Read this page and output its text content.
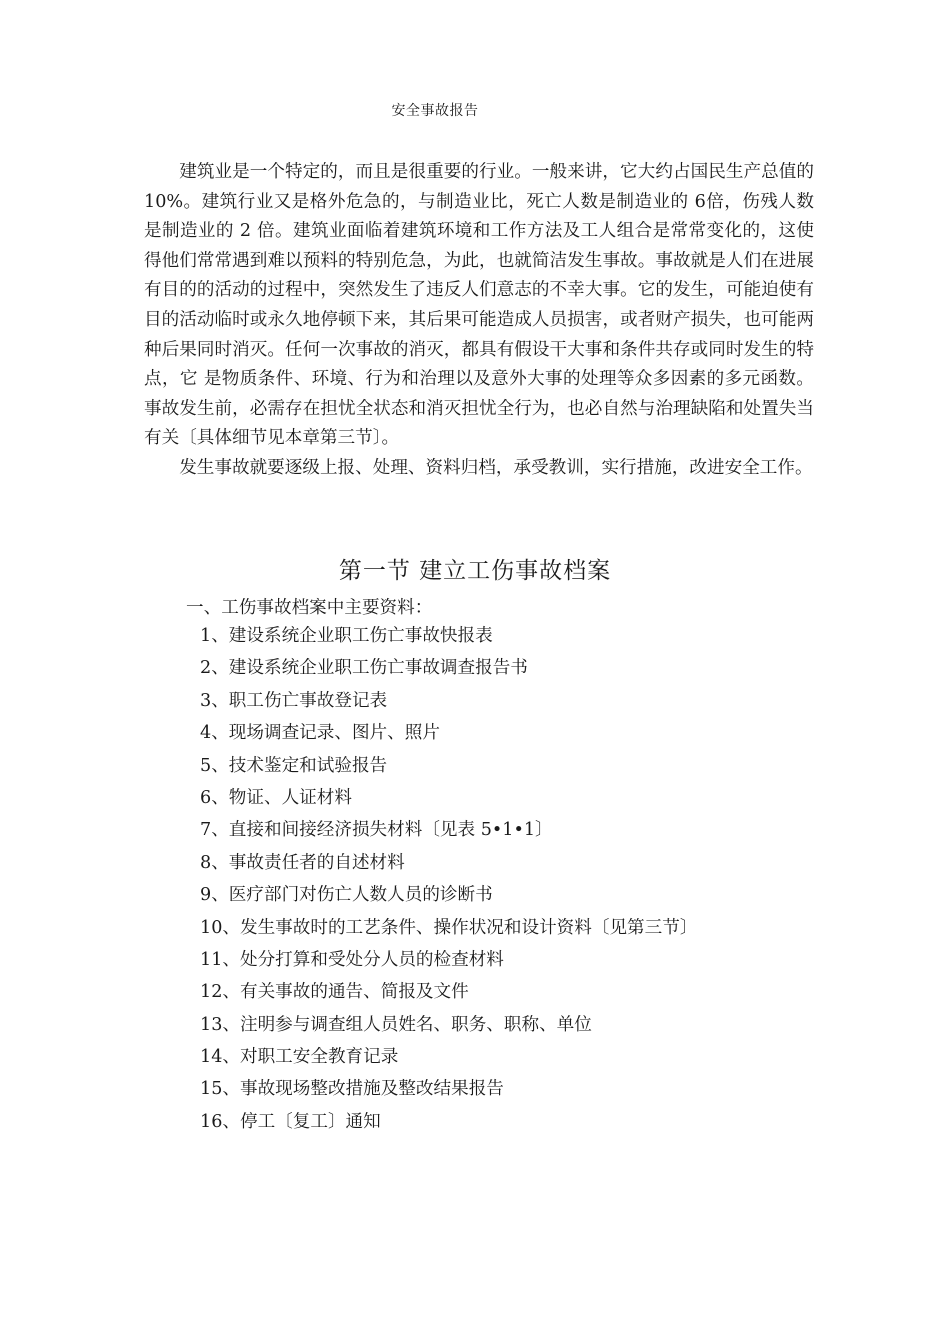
安全事故报告

建筑业是一个特定的，而且是很重要的行业。一般来讲，它大约占国民生产总值的 10%。建筑行业又是格外危急的，与制造业比，死亡人数是制造业的 6倍，伤残人数是制造业的 2 倍。建筑业面临着建筑环境和工作方法及工人组合是常常变化的，这使得他们常常遇到难以预料的特别危急，为此，也就简洁发生事故。事故就是人们在进展有目的的活动的过程中，突然发生了违反人们意志的不幸大事。它的发生，可能迫使有目的活动临时或永久地停顿下来，其后果可能造成人员损害，或者财产损失，也可能两种后果同时消灭。任何一次事故的消灭，都具有假设干大事和条件共存或同时发生的特点，它 是物质条件、环境、行为和治理以及意外大事的处理等众多因素的多元函数。事故发生前，必需存在担忧全状态和消灭担忧全行为，也必自然与治理缺陷和处置失当有关〔具体细节见本章第三节〕。

发生事故就要逐级上报、处理、资料归档，承受教训，实行措施，改进安全工作。

第一节 建立工伤事故档案
一、工伤事故档案中主要资料：
1、建设系统企业职工伤亡事故快报表
2、建设系统企业职工伤亡事故调查报告书
3、职工伤亡事故登记表
4、现场调查记录、图片、照片
5、技术鉴定和试验报告
6、物证、人证材料
7、直接和间接经济损失材料〔见表 5•1•1〕
8、事故责任者的自述材料
9、医疗部门对伤亡人数人员的诊断书
10、发生事故时的工艺条件、操作状况和设计资料〔见第三节〕
11、处分打算和受处分人员的检查材料
12、有关事故的通告、简报及文件
13、注明参与调查组人员姓名、职务、职称、单位
14、对职工安全教育记录
15、事故现场整改措施及整改结果报告
16、停工〔复工〕通知
